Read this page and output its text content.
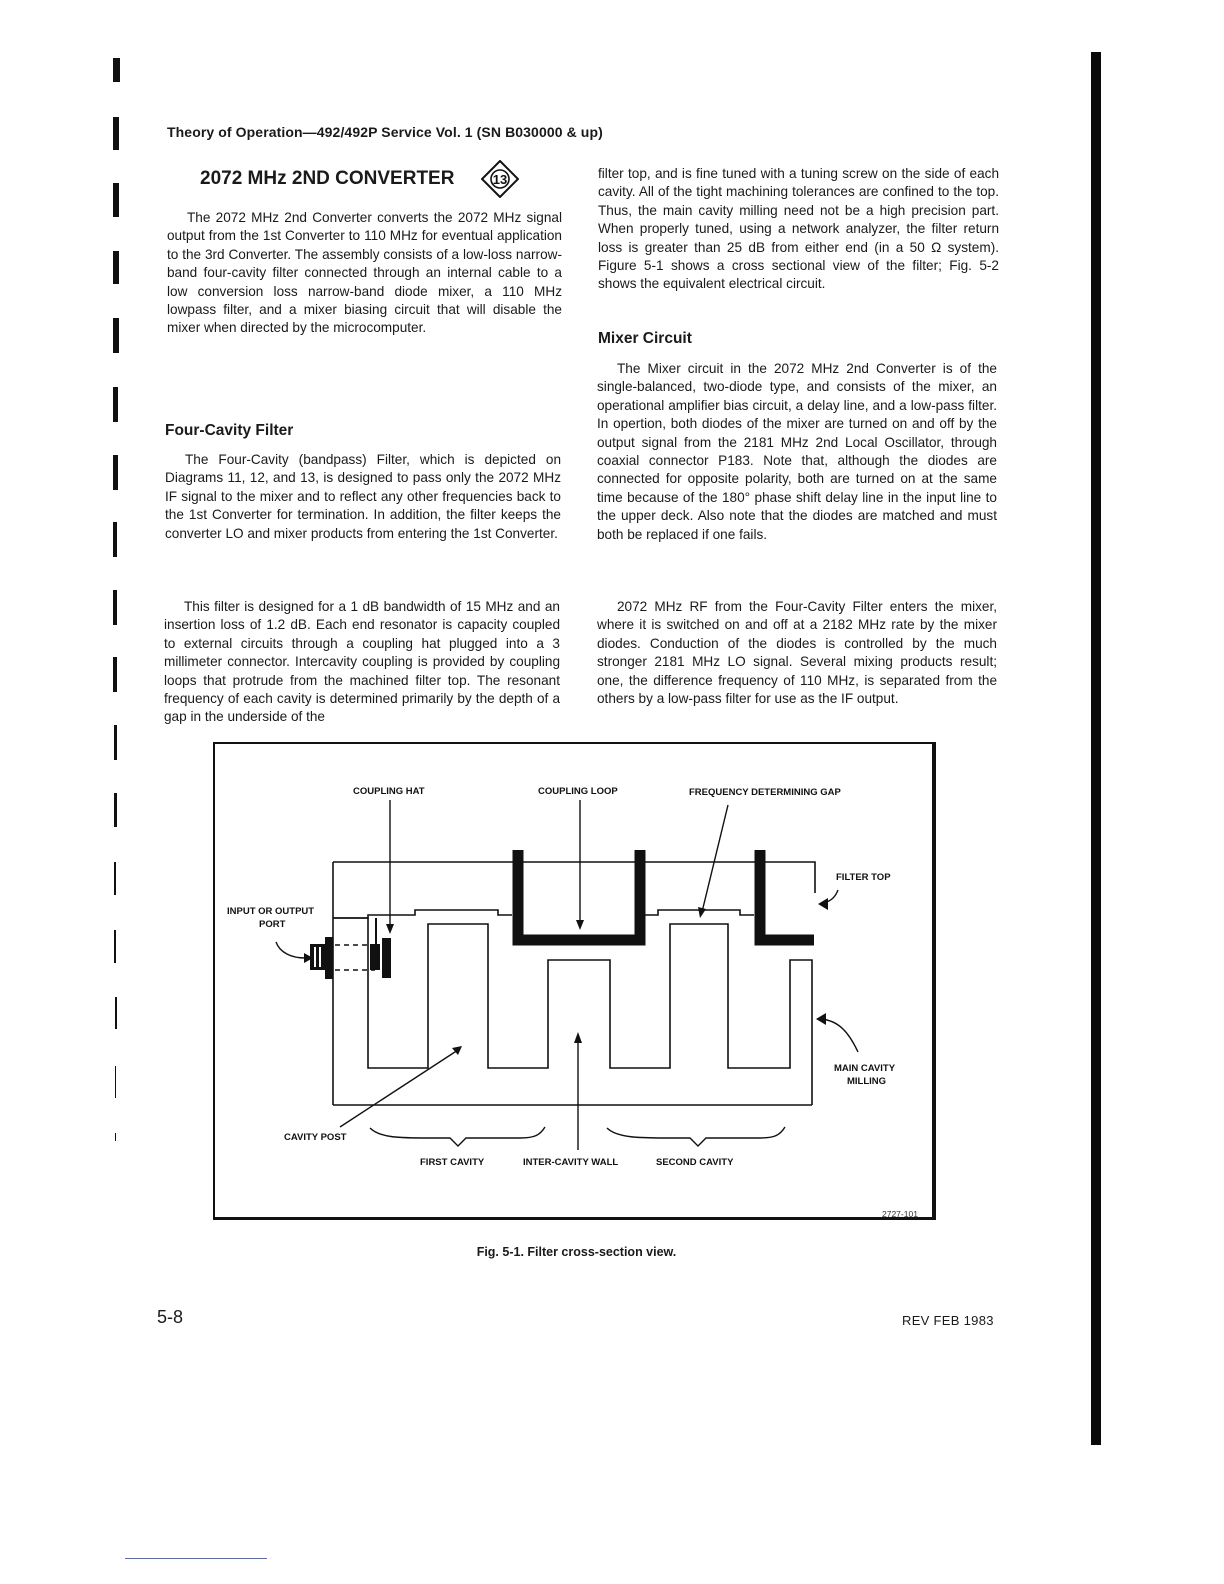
Theory of Operation—492/492P Service Vol. 1 (SN B030000 & up)
2072 MHz 2ND CONVERTER	13

The 2072 MHz 2nd Converter converts the 2072 MHz signal output from the 1st Converter to 110 MHz for eventual application to the 3rd Converter. The assembly consists of a low-loss narrow-band four-cavity filter connected through an internal cable to a low conversion loss narrow-band diode mixer, a 110 MHz lowpass filter, and a mixer biasing circuit that will disable the mixer when directed by the microcomputer.

Four-Cavity Filter

The Four-Cavity (bandpass) Filter, which is depicted on Diagrams 11, 12, and 13, is designed to pass only the 2072 MHz IF signal to the mixer and to reflect any other frequencies back to the 1st Converter for termination. In addition, the filter keeps the converter LO and mixer products from entering the 1st Converter.

This filter is designed for a 1 dB bandwidth of 15 MHz and an insertion loss of 1.2 dB. Each end resonator is capacity coupled to external circuits through a coupling hat plugged into a 3 millimeter connector. Intercavity coupling is provided by coupling loops that protrude from the machined filter top. The resonant frequency of each cavity is determined primarily by the depth of a gap in the underside of the

filter top, and is fine tuned with a tuning screw on the side of each cavity. All of the tight machining tolerances are confined to the top. Thus, the main cavity milling need not be a high precision part. When properly tuned, using a network analyzer, the filter return loss is greater than 25 dB from either end (in a 50 Ω system). Figure 5-1 shows a cross sectional view of the filter; Fig. 5-2 shows the equivalent electrical circuit.

Mixer Circuit

The Mixer circuit in the 2072 MHz 2nd Converter is of the single-balanced, two-diode type, and consists of the mixer, an operational amplifier bias circuit, a delay line, and a low-pass filter. In opertion, both diodes of the mixer are turned on and off by the output signal from the 2181 MHz 2nd Local Oscillator, through coaxial connector P183. Note that, although the diodes are connected for opposite polarity, both are turned on at the same time because of the 180° phase shift delay line in the input line to the upper deck. Also note that the diodes are matched and must both be replaced if one fails.

2072 MHz RF from the Four-Cavity Filter enters the mixer, where it is switched on and off at a 2182 MHz rate by the mixer diodes. Conduction of the diodes is controlled by the much stronger 2181 MHz LO signal. Several mixing products result; one, the difference frequency of 110 MHz, is separated from the others by a low-pass filter for use as the IF output.

COUPLING HAT	COUPLING LOOP	FREQUENCY DETERMINING GAP
FILTER TOP
INPUT OR OUTPUT
PORT
MAIN CAVITY
MILLING
CAVITY POST
FIRST CAVITY	INTER-CAVITY WALL	SECOND CAVITY
2727-101
Fig. 5-1. Filter cross-section view.
5-8	REV FEB 1983
